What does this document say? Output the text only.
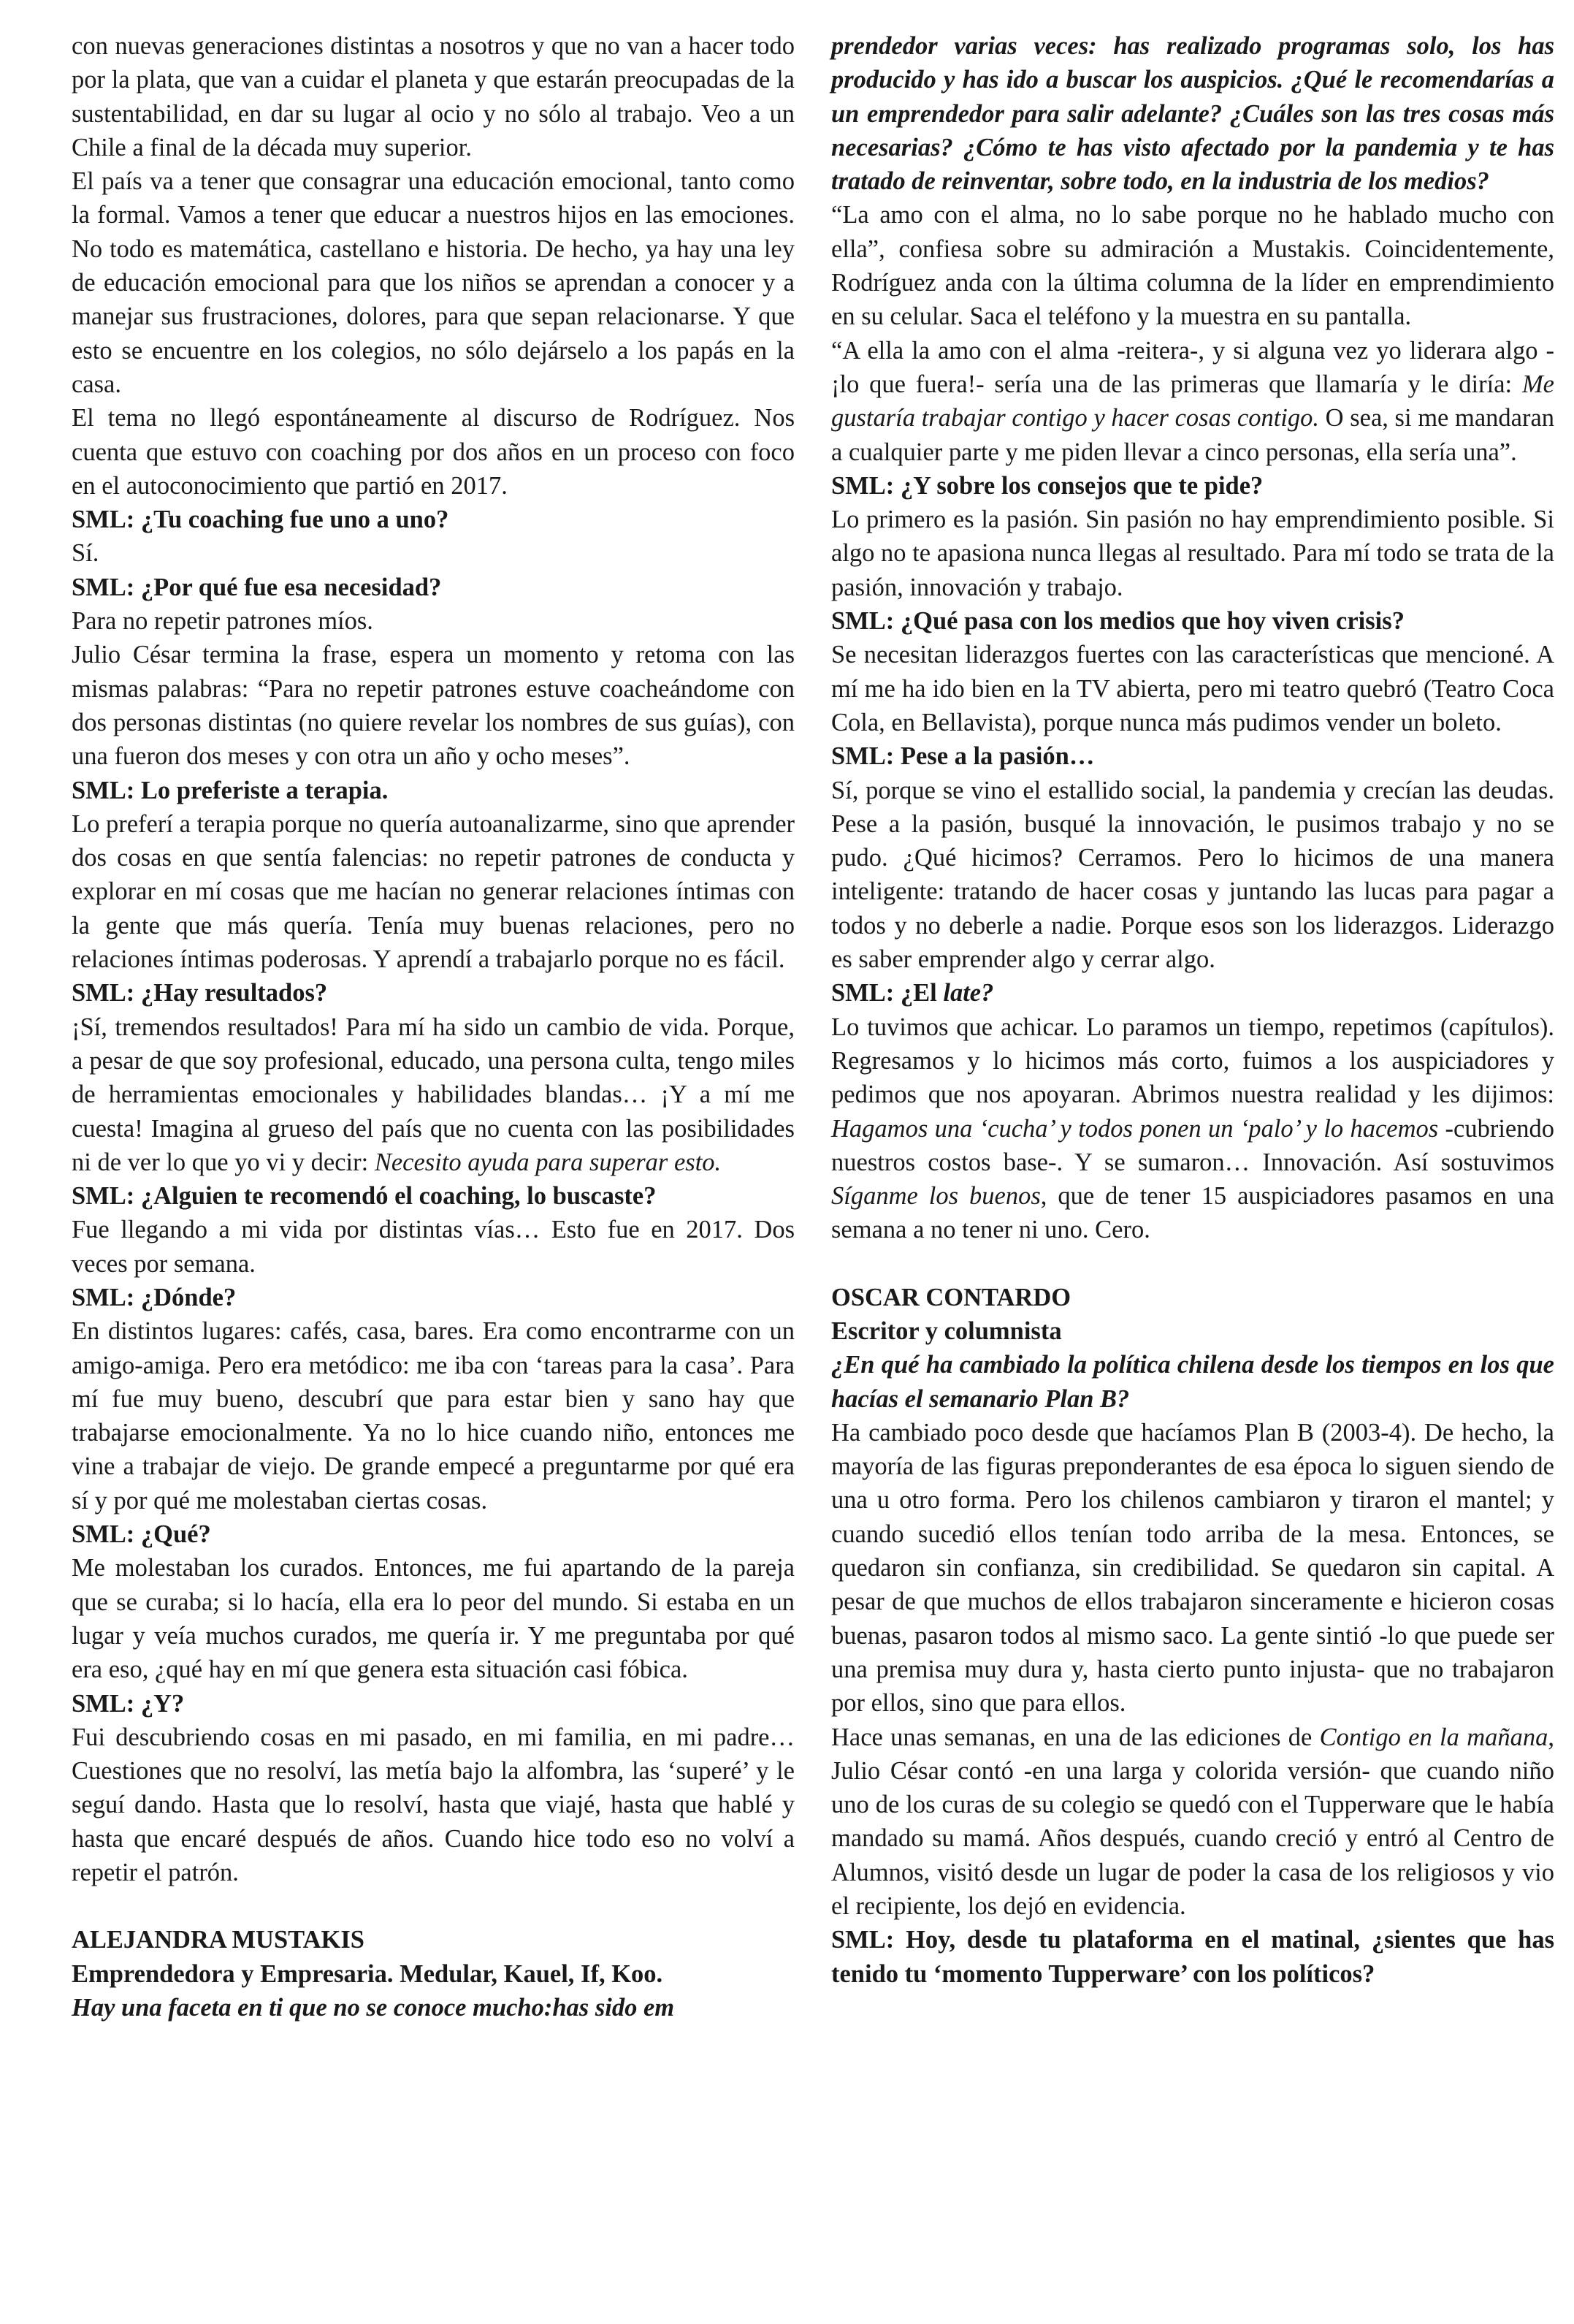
con nuevas generaciones distintas a nosotros y que no van a hacer todo por la plata, que van a cuidar el planeta y que estarán preocupadas de la sustentabilidad, en dar su lugar al ocio y no sólo al trabajo. Veo a un Chile a final de la década muy superior.

El país va a tener que consagrar una educación emocional, tanto como la formal. Vamos a tener que educar a nuestros hijos en las emociones. No todo es matemática, castellano e historia. De hecho, ya hay una ley de educación emocional para que los niños se aprendan a conocer y a manejar sus frustraciones, dolores, para que sepan relacionarse. Y que esto se encuentre en los colegios, no sólo dejárselo a los papás en la casa.

El tema no llegó espontáneamente al discurso de Rodríguez. Nos cuenta que estuvo con coaching por dos años en un proceso con foco en el autoconocimiento que partió en 2017.

SML: ¿Tu coaching fue uno a uno?

Sí.

SML: ¿Por qué fue esa necesidad?

Para no repetir patrones míos.

Julio César termina la frase, espera un momento y retoma con las mismas palabras: “Para no repetir patrones estuve coacheándome con dos personas distintas (no quiere revelar los nombres de sus guías), con una fueron dos meses y con otra un año y ocho meses”.

SML: Lo preferiste a terapia.

Lo preferí a terapia porque no quería autoanalizarme, sino que aprender dos cosas en que sentía falencias: no repetir patrones de conducta y explorar en mí cosas que me hacían no generar relaciones íntimas con la gente que más quería. Tenía muy buenas relaciones, pero no relaciones íntimas poderosas. Y aprendí a trabajarlo porque no es fácil.

SML: ¿Hay resultados?

¡Sí, tremendos resultados! Para mí ha sido un cambio de vida. Porque, a pesar de que soy profesional, educado, una persona culta, tengo miles de herramientas emocionales y habilidades blandas… ¡Y a mí me cuesta! Imagina al grueso del país que no cuenta con las posibilidades ni de ver lo que yo vi y decir: Necesito ayuda para superar esto.

SML: ¿Alguien te recomendó el coaching, lo buscaste?

Fue llegando a mi vida por distintas vías… Esto fue en 2017. Dos veces por semana.

SML: ¿Dónde?

En distintos lugares: cafés, casa, bares. Era como encontrarme con un amigo-amiga. Pero era metódico: me iba con ‘tareas para la casa’. Para mí fue muy bueno, descubrí que para estar bien y sano hay que trabajarse emocionalmente. Ya no lo hice cuando niño, entonces me vine a trabajar de viejo. De grande empecé a preguntarme por qué era sí y por qué me molestaban ciertas cosas.

SML: ¿Qué?

Me molestaban los curados. Entonces, me fui apartando de la pareja que se curaba; si lo hacía, ella era lo peor del mundo. Si estaba en un lugar y veía muchos curados, me quería ir. Y me preguntaba por qué era eso, ¿qué hay en mí que genera esta situación casi fóbica.

SML: ¿Y?

Fui descubriendo cosas en mi pasado, en mi familia, en mi padre… Cuestiones que no resolví, las metía bajo la alfombra, las ‘superé’ y le seguí dando. Hasta que lo resolví, hasta que viajé, hasta que hablé y hasta que encaré después de años. Cuando hice todo eso no volví a repetir el patrón.

ALEJANDRA MUSTAKIS

Emprendedora y Empresaria. Medular, Kauel, If, Koo.

Hay una faceta en ti que no se conoce mucho:has sido em

prendedor varias veces: has realizado programas solo, los has producido y has ido a buscar los auspicios. ¿Qué le recomendarías a un emprendedor para salir adelante? ¿Cuáles son las tres cosas más necesarias? ¿Cómo te has visto afectado por la pandemia y te has tratado de reinventar, sobre todo, en la industria de los medios?

“La amo con el alma, no lo sabe porque no he hablado mucho con ella”, confiesa sobre su admiración a Mustakis. Coincidentemente, Rodríguez anda con la última columna de la líder en emprendimiento en su celular. Saca el teléfono y la muestra en su pantalla.

“A ella la amo con el alma -reitera-, y si alguna vez yo liderara algo -¡lo que fuera!- sería una de las primeras que llamaría y le diría: Me gustaría trabajar contigo y hacer cosas contigo. O sea, si me mandaran a cualquier parte y me piden llevar a cinco personas, ella sería una”.

SML: ¿Y sobre los consejos que te pide?

Lo primero es la pasión. Sin pasión no hay emprendimiento posible. Si algo no te apasiona nunca llegas al resultado. Para mí todo se trata de la pasión, innovación y trabajo.

SML: ¿Qué pasa con los medios que hoy viven crisis?

Se necesitan liderazgos fuertes con las características que mencioné. A mí me ha ido bien en la TV abierta, pero mi teatro quebró (Teatro Coca Cola, en Bellavista), porque nunca más pudimos vender un boleto.

SML: Pese a la pasión…

Sí, porque se vino el estallido social, la pandemia y crecían las deudas. Pese a la pasión, busqué la innovación, le pusimos trabajo y no se pudo. ¿Qué hicimos? Cerramos. Pero lo hicimos de una manera inteligente: tratando de hacer cosas y juntando las lucas para pagar a todos y no deberle a nadie. Porque esos son los liderazgos. Liderazgo es saber emprender algo y cerrar algo.

SML: ¿El late?

Lo tuvimos que achicar. Lo paramos un tiempo, repetimos (capítulos). Regresamos y lo hicimos más corto, fuimos a los auspiciadores y pedimos que nos apoyaran. Abrimos nuestra realidad y les dijimos: Hagamos una ‘cucha’ y todos ponen un ‘palo’ y lo hacemos -cubriendo nuestros costos base-. Y se sumaron… Innovación. Así sostuvimos Síganme los buenos, que de tener 15 auspiciadores pasamos en una semana a no tener ni uno. Cero.

OSCAR CONTARDO

Escritor y columnista

¿En qué ha cambiado la política chilena desde los tiempos en los que hacías el semanario Plan B?

Ha cambiado poco desde que hacíamos Plan B (2003-4). De hecho, la mayoría de las figuras preponderantes de esa época lo siguen siendo de una u otro forma. Pero los chilenos cambiaron y tiraron el mantel; y cuando sucedió ellos tenían todo arriba de la mesa. Entonces, se quedaron sin confianza, sin credibilidad. Se quedaron sin capital. A pesar de que muchos de ellos trabajaron sinceramente e hicieron cosas buenas, pasaron todos al mismo saco. La gente sintió -lo que puede ser una premisa muy dura y, hasta cierto punto injusta- que no trabajaron por ellos, sino que para ellos.

Hace unas semanas, en una de las ediciones de Contigo en la mañana, Julio César contó -en una larga y colorida versión- que cuando niño uno de los curas de su colegio se quedó con el Tupperware que le había mandado su mamá. Años después, cuando creció y entró al Centro de Alumnos, visitó desde un lugar de poder la casa de los religiosos y vio el recipiente, los dejó en evidencia.

SML: Hoy, desde tu plataforma en el matinal, ¿sientes que has tenido tu ‘momento Tupperware’ con los políticos?
